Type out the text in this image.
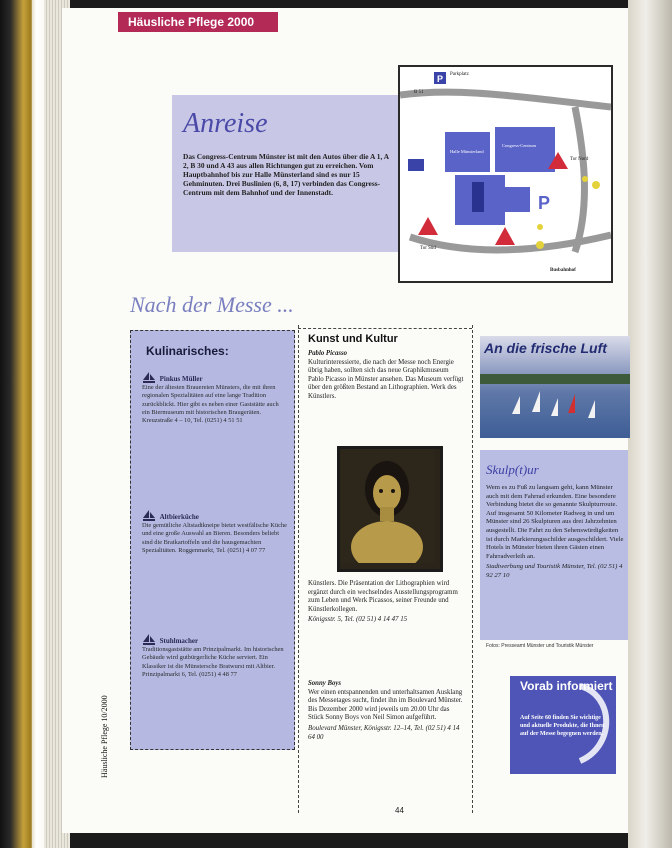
Häusliche Pflege 2000
Anreise
Das Congress-Centrum Münster ist mit den Autos über die A 1, A 2, B 30 und A 43 aus allen Richtungen gut zu erreichen. Vom Hauptbahnhof bis zur Halle Münsterland sind es nur 15 Gehminuten. Drei Buslinien (6, 8, 17) verbinden das Congress-Centrum mit dem Bahnhof und der Innenstadt.
P
P
Parkplatz
B 51
Halle Münsterland
Congress-Centrum
Tor Nord
Tor Süd
Busbahnhof
Tor Ost
Nach der Messe ...
Kulinarisches:
Pinkus Müller
Eine der ältesten Brauereien Münsters, die mit ihren regionalen Spezialitäten auf eine lange Tradition zurückblickt. Hier gibt es neben einer Gaststätte auch ein Biermuseum mit historischen Braugeräten. Kreuzstraße 4 – 10, Tel. (0251) 4 51 51
Altbierküche
Die gemütliche Altstadtkneipe bietet westfälische Küche und eine große Auswahl an Bieren. Besonders beliebt sind die Bratkartoffeln und die hausgemachten Spezialitäten. Roggenmarkt, Tel. (0251) 4 07 77
Stuhlmacher
Traditionsgaststätte am Prinzipalmarkt. Im historischen Gebäude wird gutbürgerliche Küche serviert. Ein Klassiker ist die Münstersche Bratwurst mit Altbier. Prinzipalmarkt 6, Tel. (0251) 4 48 77
Kunst und Kultur
Pablo Picasso
Kulturinteressierte, die nach der Messe noch Energie übrig haben, sollten sich das neue Graphikmuseum Pablo Picasso in Münster ansehen. Das Museum verfügt über den größten Bestand an Lithographien. Werk des Künstlers.
Künstlers. Die Präsentation der Lithographien wird ergänzt durch ein wechselndes Ausstellungsprogramm zum Leben und Werk Picassos, seiner Freunde und Künstlerkollegen.
Königsstr. 5, Tel. (02 51) 4 14 47 15
Sonny Boys
Wer einen entspannenden und unterhaltsamen Ausklang des Messetages sucht, findet ihn im Boulevard Münster. Bis Dezember 2000 wird jeweils um 20.00 Uhr das Stück Sonny Boys von Neil Simon aufgeführt.
Boulevard Münster, Königsstr. 12–14, Tel. (02 51) 4 14 64 00
An die frische Luft
Skulp(t)ur
Wem es zu Fuß zu langsam geht, kann Münster auch mit dem Fahrrad erkunden. Eine besondere Verbindung bietet die so genannte Skulpturroute. Auf insgesamt 50 Kilometer Radweg in und um Münster sind 26 Skulpturen aus drei Jahrzehnten ausgestellt. Die Fahrt zu den Sehenswürdigkeiten ist durch Markierungsschilder ausgeschildert. Viele Hotels in Münster bieten ihren Gästen einen Fahrradverleih an.
Stadtwerbung und Touristik Münster, Tel. (02 51) 4 92 27 10
Fotos: Presseamt Münster und Touristik Münster
Vorab informiert
Auf Seite 60 finden Sie wichtige und aktuelle Produkte, die Ihnen auf der Messe begegnen werden.
44
Häusliche Pflege 10/2000
